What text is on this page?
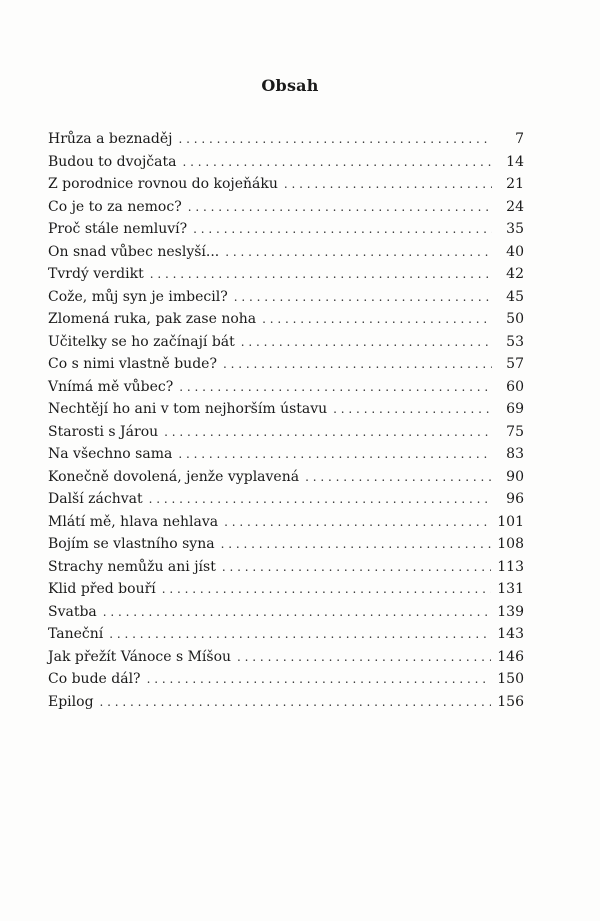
Obsah
Hrůza a beznaděj . . .	7
Budou to dvojčata . . .	14
Z porodnice rovnou do kojeňáku . . .	21
Co je to za nemoc? . . .	24
Proč stále nemluví? . . .	35
On snad vůbec neslyší... . . .	40
Tvrdý verdikt . . .	42
Cože, můj syn je imbecil? . . .	45
Zlomená ruka, pak zase noha . . .	50
Učitelky se ho začínají bát . . .	53
Co s nimi vlastně bude? . . .	57
Vnímá mě vůbec? . . .	60
Nechtějí ho ani v tom nejhorším ústavu . . .	69
Starosti s Járou . . .	75
Na všechno sama . . .	83
Konečně dovolená, jenže vyplavená . . .	90
Další záchvat . . .	96
Mlátí mě, hlava nehlava . . .	101
Bojím se vlastního syna . . .	108
Strachy nemůžu ani jíst . . .	113
Klid před bouří . . .	131
Svatba . . .	139
Taneční . . .	143
Jak přežít Vánoce s Míšou . . .	146
Co bude dál? . . .	150
Epilog . . .	156
